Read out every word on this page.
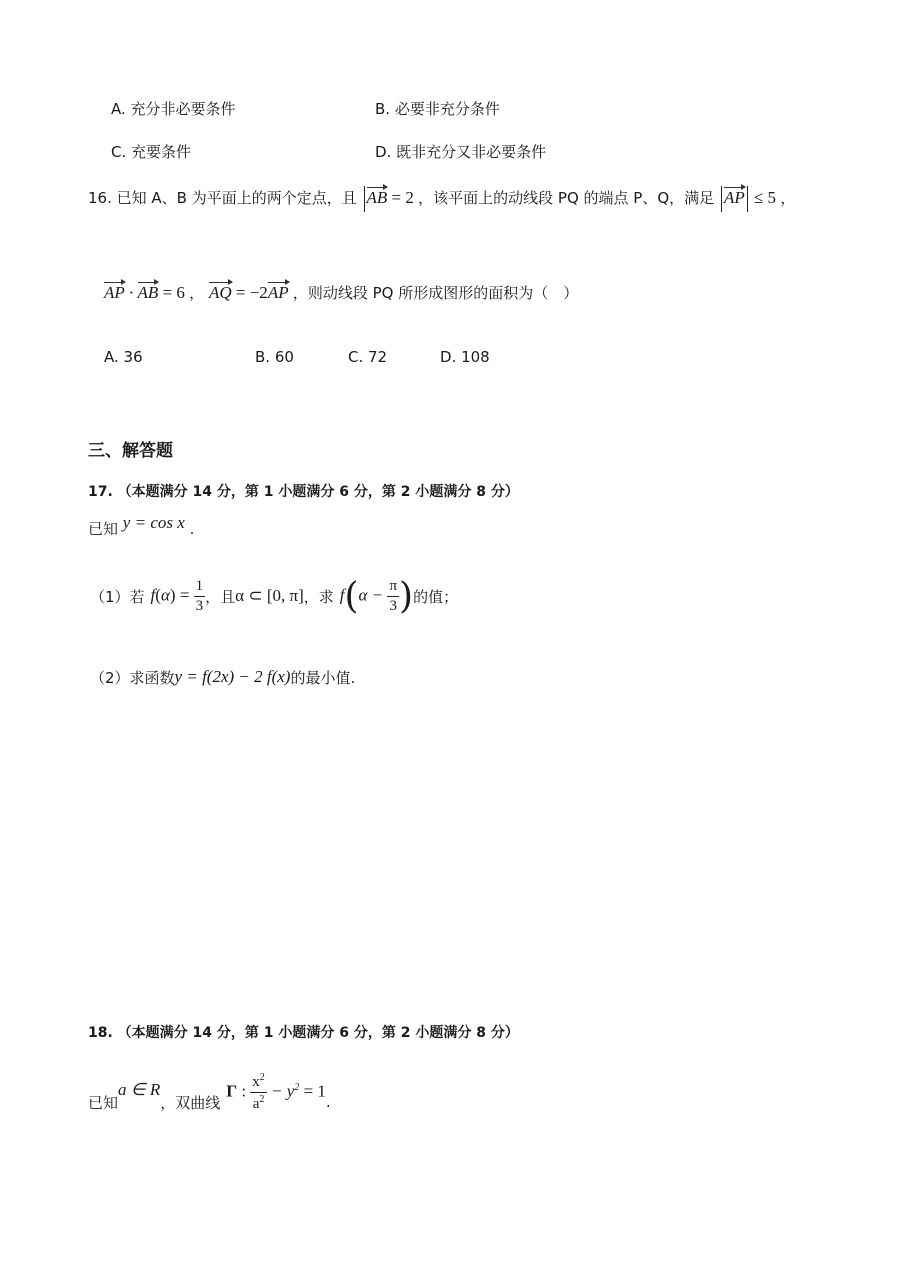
A. 充分非必要条件	B. 必要非充分条件
C. 充要条件	D. 既非充分又非必要条件
16. 已知 A、B 为平面上的两个定点，且 AB = 2 ，该平面上的动线段 PQ 的端点 P、Q，满足 AP ≤ 5 ，
AP · AB = 6 ， AQ = −2AP ，则动线段 PQ 所形成图形的面积为（　）
A. 36	B. 60	C. 72	D. 108
三、解答题
17. （本题满分 14 分，第 1 小题满分 6 分，第 2 小题满分 8 分）
已知 y = cos x .
（1）若 $f(\alpha) = \frac{1}{3}$ ，且 α ⊂ [0, π] ，求 $f(\alpha - \frac{\pi}{3}$ ) 的值；
（2）求函数 y = f(2x) − 2 f(x) 的最小值.
18. （本题满分 14 分，第 1 小题满分 6 分，第 2 小题满分 8 分）
已知
a ∈ R
，双曲线
Γ : $\frac{x^2}{a^2} - y^2 = 1$
.
